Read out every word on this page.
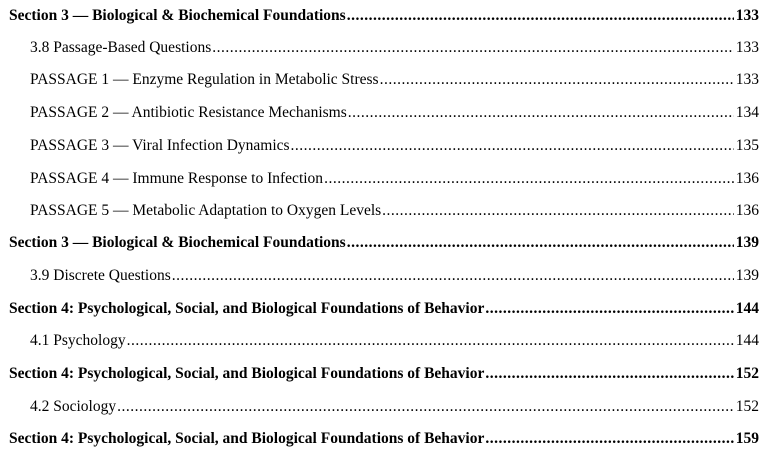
Section 3 — Biological & Biochemical Foundations .....	133
3.8 Passage-Based Questions .....	133
PASSAGE 1 — Enzyme Regulation in Metabolic Stress .....	133
PASSAGE 2 — Antibiotic Resistance Mechanisms .....	134
PASSAGE 3 — Viral Infection Dynamics .....	135
PASSAGE 4 — Immune Response to Infection .....	136
PASSAGE 5 — Metabolic Adaptation to Oxygen Levels .....	136
Section 3 — Biological & Biochemical Foundations .....	139
3.9 Discrete Questions .....	139
Section 4: Psychological, Social, and Biological Foundations of Behavior .....	144
4.1 Psychology .....	144
Section 4: Psychological, Social, and Biological Foundations of Behavior .....	152
4.2 Sociology .....	152
Section 4: Psychological, Social, and Biological Foundations of Behavior .....	159
